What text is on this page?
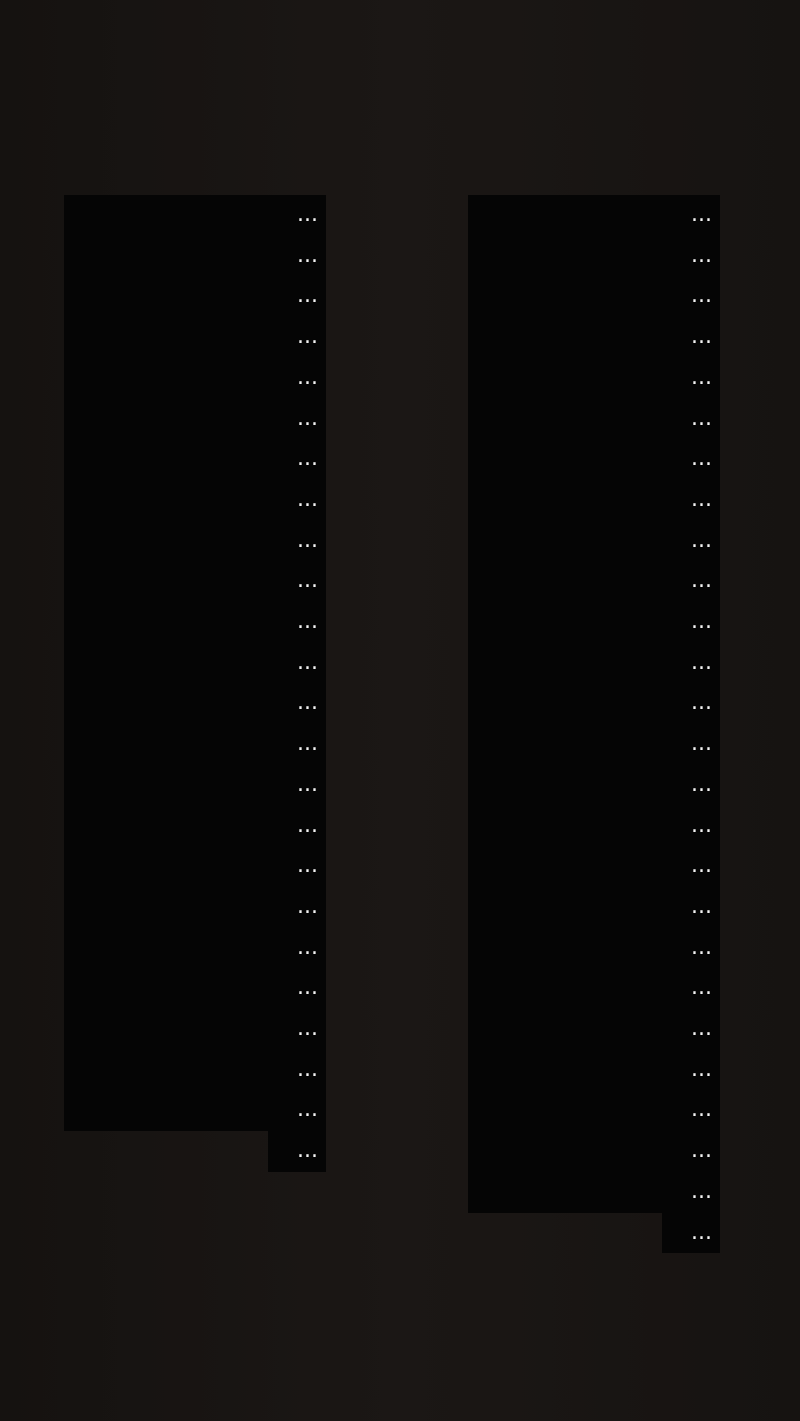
...
...
...
...
...
...
...
...
...
...
...
...
...
...
...
...
...
...
...
...
...
...
...
...
...
...
...
...
...
...
...
...
...
...
...
...
...
...
...
...
...
...
...
...
...
...
...
...
...
...
